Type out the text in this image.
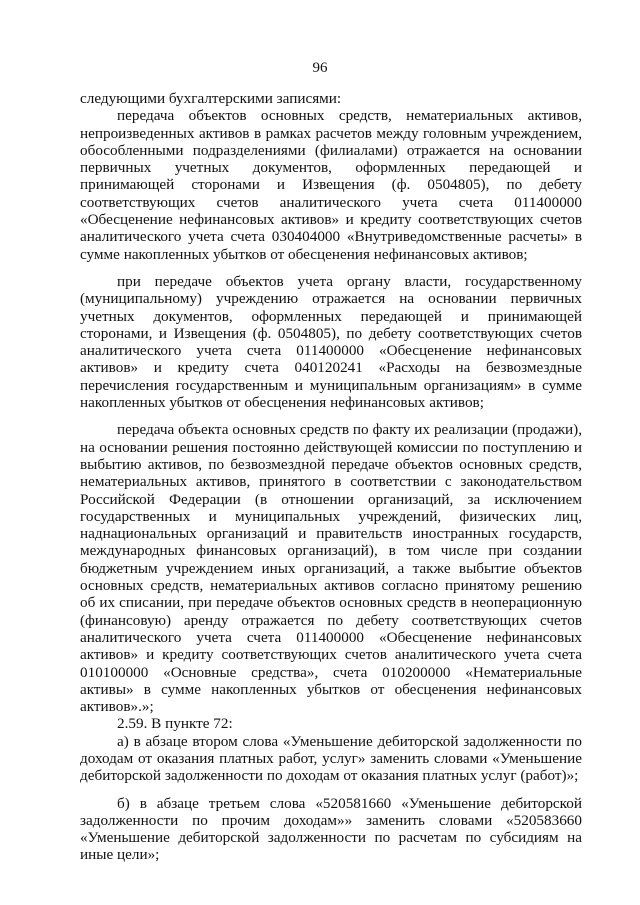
96

следующими бухгалтерскими записями:

передача объектов основных средств, нематериальных активов, непроизведенных активов в рамках расчетов между головным учреждением, обособленными подразделениями (филиалами) отражается на основании первичных учетных документов, оформленных передающей и принимающей сторонами и Извещения (ф. 0504805), по дебету соответствующих счетов аналитического учета счета 011400000 «Обесценение нефинансовых активов» и кредиту соответствующих счетов аналитического учета счета 030404000 «Внутриведомственные расчеты» в сумме накопленных убытков от обесценения нефинансовых активов;

при передаче объектов учета органу власти, государственному (муниципальному) учреждению отражается на основании первичных учетных документов, оформленных передающей и принимающей сторонами, и Извещения (ф. 0504805), по дебету соответствующих счетов аналитического учета счета 011400000 «Обесценение нефинансовых активов» и кредиту счета 040120241 «Расходы на безвозмездные перечисления государственным и муниципальным организациям» в сумме накопленных убытков от обесценения нефинансовых активов;

передача объекта основных средств по факту их реализации (продажи), на основании решения постоянно действующей комиссии по поступлению и выбытию активов, по безвозмездной передаче объектов основных средств, нематериальных активов, принятого в соответствии с законодательством Российской Федерации (в отношении организаций, за исключением государственных и муниципальных учреждений, физических лиц, наднациональных организаций и правительств иностранных государств, международных финансовых организаций), в том числе при создании бюджетным учреждением иных организаций, а также выбытие объектов основных средств, нематериальных активов согласно принятому решению об их списании, при передаче объектов основных средств в неоперационную (финансовую) аренду отражается по дебету соответствующих счетов аналитического учета счета 011400000 «Обесценение нефинансовых активов» и кредиту соответствующих счетов аналитического учета счета 010100000 «Основные средства», счета 010200000 «Нематериальные активы» в сумме накопленных убытков от обесценения нефинансовых активов».»;

2.59. В пункте 72:

а) в абзаце втором слова «Уменьшение дебиторской задолженности по доходам от оказания платных работ, услуг» заменить словами «Уменьшение дебиторской задолженности по доходам от оказания платных услуг (работ)»;

б) в абзаце третьем слова «520581660 «Уменьшение дебиторской задолженности по прочим доходам»» заменить словами «520583660 «Уменьшение дебиторской задолженности по расчетам по субсидиям на иные цели»;
